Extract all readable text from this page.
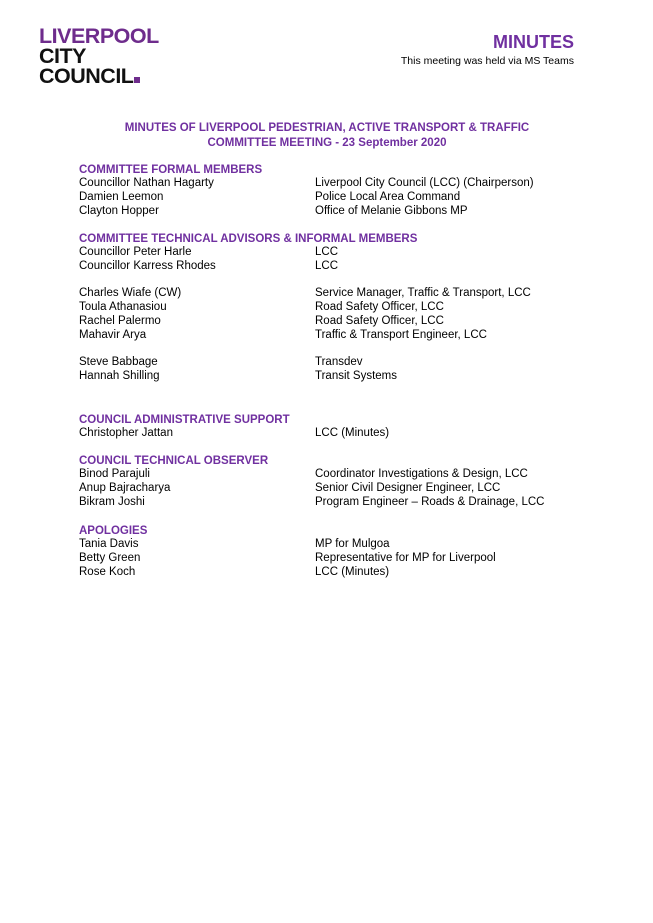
LIVERPOOL
CITY
COUNCIL
MINUTES
This meeting was held via MS Teams
MINUTES OF LIVERPOOL PEDESTRIAN, ACTIVE TRANSPORT & TRAFFIC
COMMITTEE MEETING - 23 September 2020
COMMITTEE FORMAL MEMBERS
Councillor Nathan Hagarty	Liverpool City Council (LCC) (Chairperson)
Damien Leemon	Police Local Area Command
Clayton Hopper	Office of Melanie Gibbons MP
COMMITTEE TECHNICAL ADVISORS & INFORMAL MEMBERS
Councillor Peter Harle	LCC
Councillor Karress Rhodes	LCC
Charles Wiafe (CW)	Service Manager, Traffic & Transport, LCC
Toula Athanasiou	Road Safety Officer, LCC
Rachel Palermo	Road Safety Officer, LCC
Mahavir Arya	Traffic & Transport Engineer, LCC
Steve Babbage	Transdev
Hannah Shilling	Transit Systems
COUNCIL ADMINISTRATIVE SUPPORT
Christopher Jattan	LCC (Minutes)
COUNCIL TECHNICAL OBSERVER
Binod Parajuli	Coordinator Investigations & Design, LCC
Anup Bajracharya	Senior Civil Designer Engineer, LCC
Bikram Joshi	Program Engineer – Roads & Drainage, LCC
APOLOGIES
Tania Davis	MP for Mulgoa
Betty Green	Representative for MP for Liverpool
Rose Koch	LCC (Minutes)
